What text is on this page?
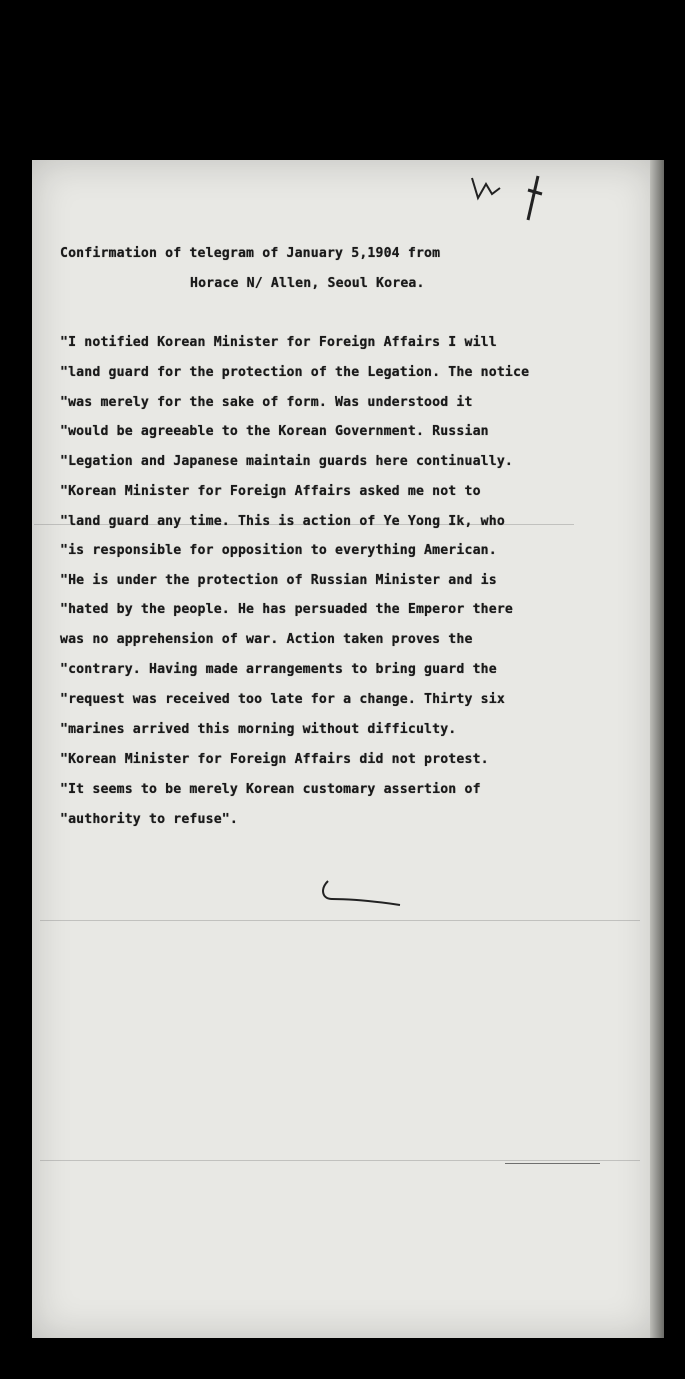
Confirmation of telegram of January 5,1904 from
Horace N/ Allen, Seoul Korea.
"I notified Korean Minister for Foreign Affairs I will
"land guard for the protection of the Legation. The notice
"was merely for the sake of form. Was understood it
"would be agreeable to the Korean Government. Russian
"Legation and Japanese maintain guards here continually.
"Korean Minister for Foreign Affairs asked me not to
"land guard any time. This is action of Ye Yong Ik, who
"is responsible for opposition to everything American.
"He is under the protection of Russian Minister and is
"hated by the people. He has persuaded the Emperor there
was no apprehension of war. Action taken proves the
"contrary. Having made arrangements to bring guard the
"request was received too late for a change. Thirty six
"marines arrived this morning without difficulty.
"Korean Minister for Foreign Affairs did not protest.
"It seems to be merely Korean customary assertion of
"authority to refuse".
